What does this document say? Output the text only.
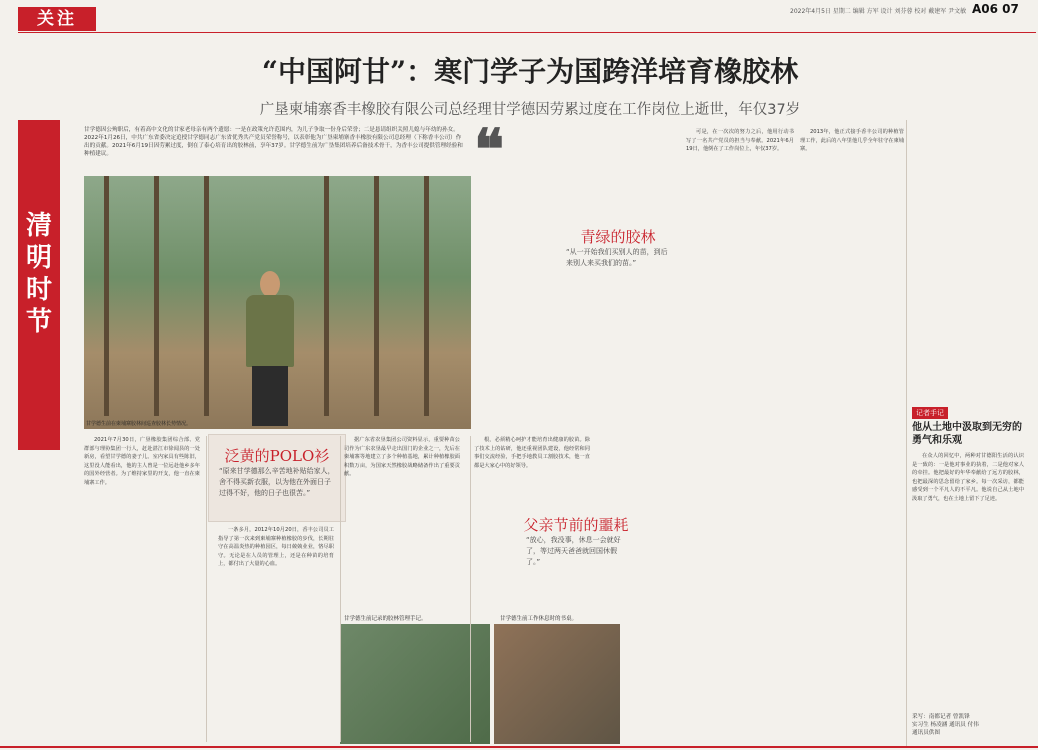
关注	2022年4月5日 星期二 编辑 方军 设计 刘芬蓉 校对 戴建军 尹文敏 A06 07
“中国阿甘”：寒门学子为国跨洋培育橡胶林
广垦柬埔寨香丰橡胶有限公司总经理甘学德因劳累过度在工作岗位上逝世，年仅37岁
清明时节
甘学德因公殉职后，有着高中文化的甘家老母亲有两个遗愿：一是在政策允许范围内，为儿子争取一份身后荣誉；二是恳请组织关照儿媳与年幼的孙女。2022年1月26日，中共广东省委决定追授甘学德同志广东省优秀共产党员荣誉称号，以表彰他为广垦柬埔寨香丰橡胶有限公司总经理（下称香丰公司）作出的贡献。2021年6月19日因劳累过度，倒在了泰心培育出的胶林前，享年37岁。甘学德生前为广垦集团培养后备技术骨干，为香丰公司提供管理经验和种植建议。	❝
甘学德生前在柬埔寨胶林间巡查胶林长势情况。
泛黄的POLO衫
“原来甘学德那么辛苦地补贴给家人，舍不得买新衣服，以为他在外面日子过得不好，他的日子也很苦。”
青绿的胶林
“从一开始我们买别人的苗，到后来别人来买我们的苗。”
父亲节前的噩耗
“放心，我没事，休息一会就好了，等过两天爸爸就回国休假了。”

2021年7月30日，广垦橡胶集团综合部、党群部与理协集团一行人，赶赴湛江市徐闻县的一处新房，看望甘学德的妻子儿。室内家具有些陈旧，这里没人能看出，他的主人曾是一位远赴他乡多年的国外经营者。为了维持家里的开支，他一直在柬埔寨工作。

一条多月，2012年10月20日，香丰公司员工指导了第一次来到柬埔寨种植橡胶的步伐，长期驻守在高温炎热的种植园区，每日兢兢业业，恪尽职守。无论是在人员的管理上，还是在种苗的培育上，都付出了大量的心血。

据广东省农垦集团公司资料显示，重要种苗公司作为广东农垦最早走出国门的企业之一，先后在柬埔寨等地建立了多个种植基地，累计种植橡胶面积数万亩，为国家天然橡胶战略储备作出了重要贡献。

根，必须精心呵护才能培育出健康的胶苗。除了技术上的钻研，他还重视团队建设，他经常和同事们交流经验，手把手地教员工割胶技术，他一直都是大家心中的好领导。

可是，在一次次的努力之后，他用行动书写了一名共产党员的担当与奉献。2021年6月19日，他倒在了工作岗位上，年仅37岁。

2013年，他正式接手香丰公司的种植管理工作，此后的八年里他几乎全年驻守在柬埔寨。

甘学德生前记录的胶林管理手记。	甘学德生前工作休息时的书桌。
记者手记
他从土地中汲取到无穷的勇气和乐观

在众人的回忆中，两种对甘德阳生活的认识是一致的：一是他对事业的执着，二是他对家人的牵挂。他把最好的年华奉献给了远方的胶林，也把最深的思念留给了家乡。每一次采访，都能感受到一个平凡人的不平凡。他说自己从土地中汲取了勇气，也在土地上留下了足迹。

采写：南都记者 曾凯锋
实习生 杨凌涵 通讯员 付伟
通讯员供图
